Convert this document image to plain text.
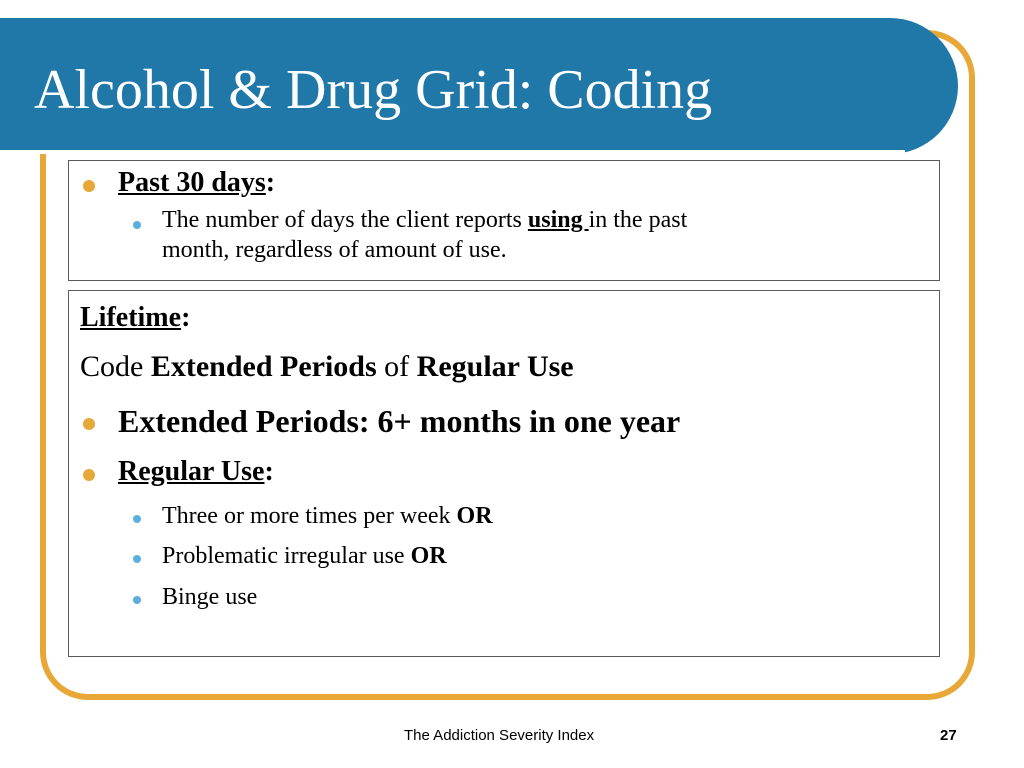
Alcohol & Drug Grid: Coding
Past 30 days:
The number of days the client reports using in the past
month, regardless of amount of use.
Lifetime:
Code Extended Periods of Regular Use
Extended Periods: 6+ months in one year
Regular Use:
Three or more times per week OR
Problematic irregular use OR
Binge use
The Addiction Severity Index	27
